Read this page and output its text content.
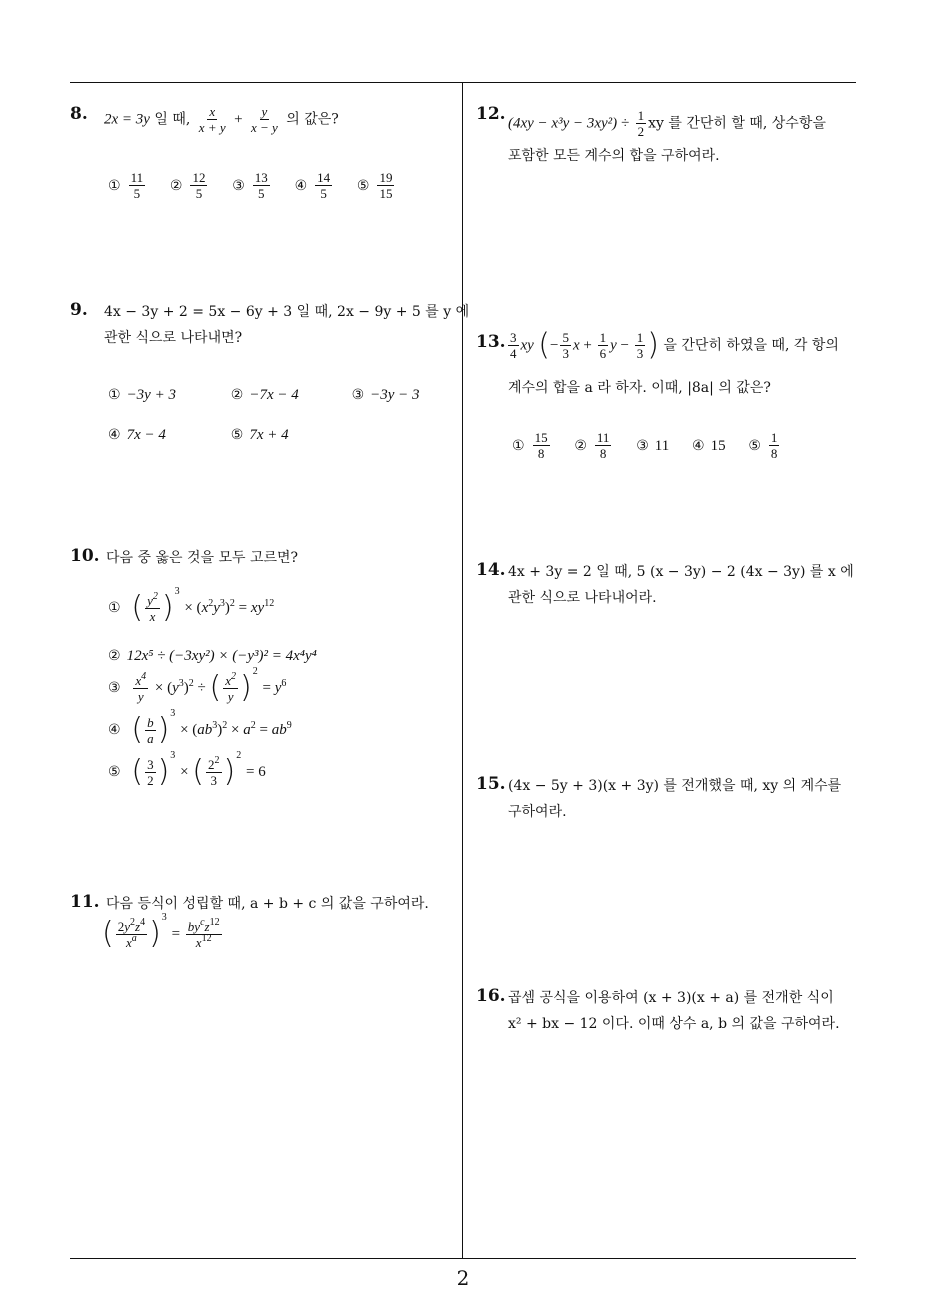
8. 2x = 3y 일 때, $\frac{x}{x + y} + \frac{y}{x - y}$ 의 값은?
① $\frac{11}{5}$ ② $\frac{12}{5}$ ③ $\frac{13}{5}$ ④ $\frac{14}{5}$ ⑤ $\frac{19}{15}$
9. 4x − 3y + 2 = 5x − 6y + 3 일 때, 2x − 9y + 5 를 y 에
관한 식으로 나타내면?
① −3y + 3	② −7x − 4	③ −3y − 3
④ 7x − 4	⑤ 7x + 4
10. 다음 중 옳은 것을 모두 고르면?
① ( $\frac{y^2}{x} )^3 \times (x^2y^3)^2 = xy^{12}$
② 12x⁵ ÷ (−3xy²) × (−y³)² = 4x⁴y⁴
③ $\frac{x^4}{y} \times (y^3)^2$ ÷ ( $\frac{x^2}{y} )^2 = y^6$
④ ( $\frac{b}{a} )^3 \times (ab^3)^2 \times a^2 = ab^9$
⑤ ( $\frac{3}{2} )^3$ × ( $\frac{2^2}{3} )^2 = 6$
11. 다음 등식이 성립할 때, a + b + c 의 값을 구하여라.
( $\frac{2y^2z^4}{x^a} )^3 = \frac{by^cz^{12}}{x^{12}}$
12. $(4xy - x^3y - 3xy^2) \div \frac{1}{2}$ xy 를 간단히 할 때, 상수항을
포함한 모든 계수의 합을 구하여라.
13. $\frac{3}{4}$ xy (− $\frac{5}{3}$ $x + \frac{1}{6}$ $y - \frac{1}{3}$ ) 을 간단히 하였을 때, 각 항의
계수의 합을 a 라 하자. 이때, |8a| 의 값은?
① $\frac{15}{8}$ ② $\frac{11}{8}$ ③ 11 ④ 15 ⑤ $\frac{1}{8}$
14. 4x + 3y = 2 일 때, 5 (x − 3y) − 2 (4x − 3y) 를 x 에
관한 식으로 나타내어라.
15. (4x − 5y + 3)(x + 3y) 를 전개했을 때, xy 의 계수를
구하여라.
16. 곱셈 공식을 이용하여 (x + 3)(x + a) 를 전개한 식이
x² + bx − 12 이다. 이때 상수 a, b 의 값을 구하여라.
2
